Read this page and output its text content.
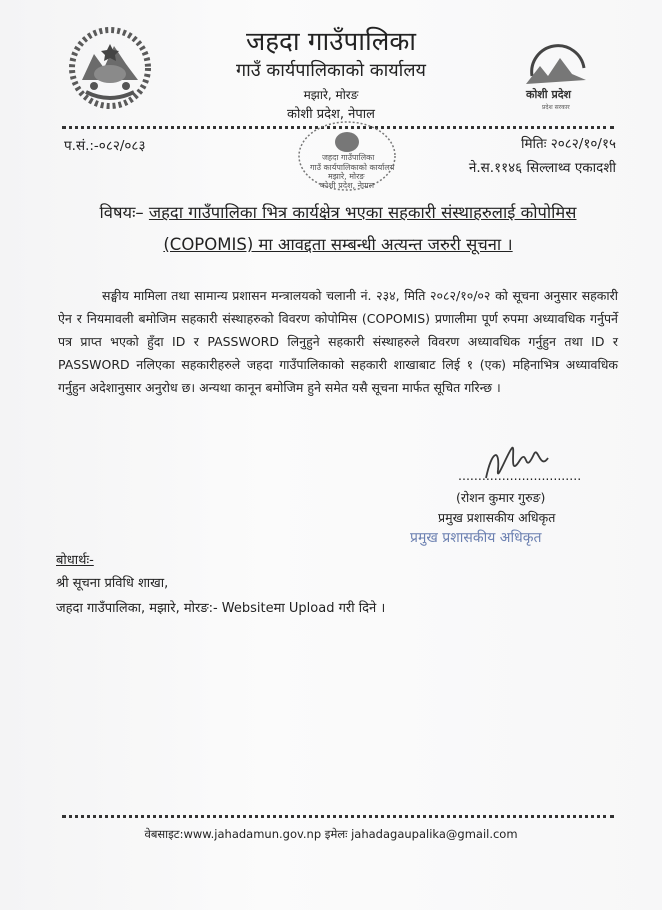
जहदा गाउँपालिका
गाउँ कार्यपालिकाको कार्यालय
मझारे, मोरङ
कोशी प्रदेश, नेपाल
कोशी प्रदेश
प्रदेश सरकार
प.सं.:-०८२/०८३	मितिः २०८२/१०/१५
ने.स.११४६ सिल्लाथ्व एकादशी
जहदा गाउँपालिका
गाउँ कार्यपालिकाको कार्यालय
मझारे, मोरङ
कोशी प्रदेश, नेपाल
विषयः– जहदा गाउँपालिका भित्र कार्यक्षेत्र भएका सहकारी संस्थाहरुलाई कोपोमिस
(COPOMIS) मा आवद्दता सम्बन्धी अत्यन्त जरुरी सूचना ।
सङ्घीय मामिला तथा सामान्य प्रशासन मन्त्रालयको चलानी नं. २३४, मिति २०८२/१०/०२ को सूचना अनुसार सहकारी ऐन र नियमावली बमोजिम सहकारी संस्थाहरुको विवरण कोपोमिस (COPOMIS) प्रणालीमा पूर्ण रुपमा अध्यावधिक गर्नुपर्ने पत्र प्राप्त भएको हुँदा ID र PASSWORD लिनुहुने सहकारी संस्थाहरुले विवरण अध्यावधिक गर्नुहुन तथा ID र PASSWORD नलिएका सहकारीहरुले जहदा गाउँपालिकाको सहकारी शाखाबाट लिई १ (एक) महिनाभित्र अध्यावधिक गर्नुहुन अदेशानुसार अनुरोध छ। अन्यथा कानून बमोजिम हुने समेत यसै सूचना मार्फत सूचित गरिन्छ ।
...............................
(रोशन कुमार गुरुङ)
प्रमुख प्रशासकीय अधिकृत
प्रमुख प्रशासकीय अधिकृत
बोधार्थः-
श्री सूचना प्रविधि शाखा,
जहदा गाउँपालिका, मझारे, मोरङ:- Websiteमा Upload गरी दिने ।
वेबसाइट:www.jahadamun.gov.np इमेलः jahadagaupalika@gmail.com
